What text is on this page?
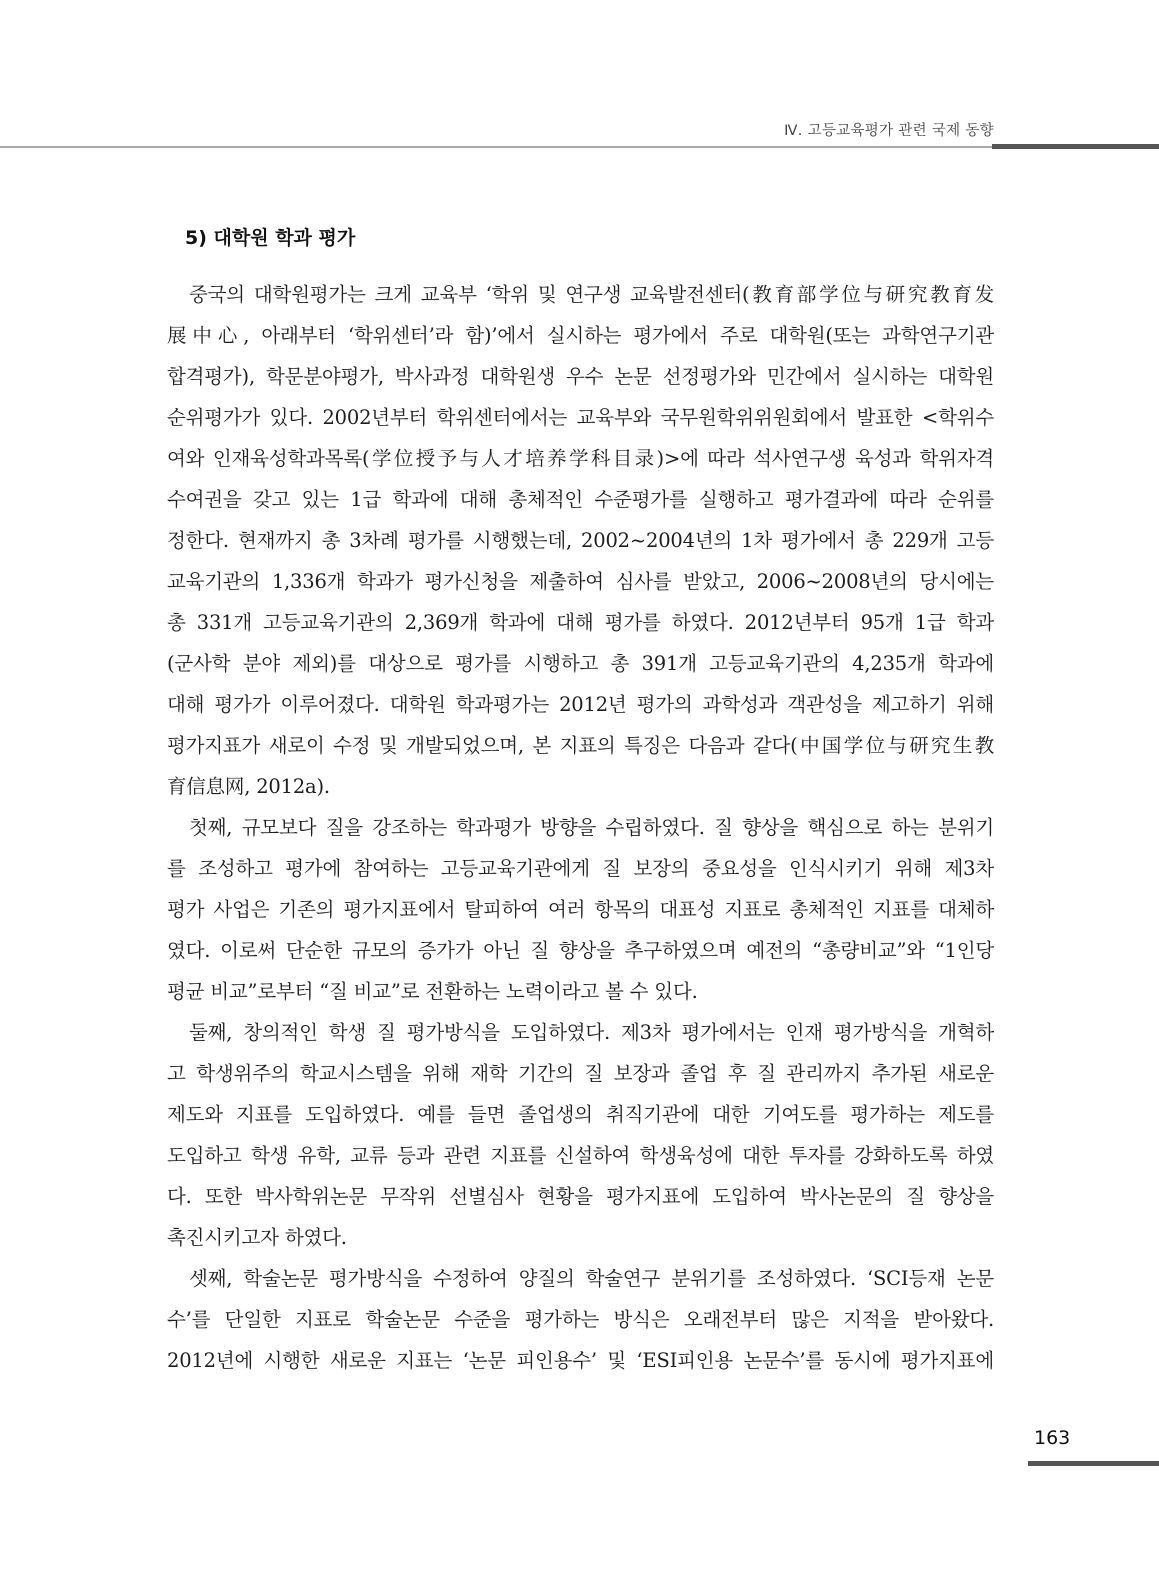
Ⅳ. 고등교육평가 관련 국제 동향
5) 대학원 학과 평가
중국의 대학원평가는 크게 교육부 ‘학위 및 연구생 교육발전센터(教育部学位与研究教育发
展中心, 아래부터 ‘학위센터’라 함)’에서 실시하는 평가에서 주로 대학원(또는 과학연구기관
합격평가), 학문분야평가, 박사과정 대학원생 우수 논문 선정평가와 민간에서 실시하는 대학원
순위평가가 있다. 2002년부터 학위센터에서는 교육부와 국무원학위위원회에서 발표한 <학위수
여와 인재육성학과목록(学位授予与人才培养学科目录)>에 따라 석사연구생 육성과 학위자격
수여권을 갖고 있는 1급 학과에 대해 총체적인 수준평가를 실행하고 평가결과에 따라 순위를
정한다. 현재까지 총 3차례 평가를 시행했는데, 2002~2004년의 1차 평가에서 총 229개 고등
교육기관의 1,336개 학과가 평가신청을 제출하여 심사를 받았고, 2006~2008년의 당시에는
총 331개 고등교육기관의 2,369개 학과에 대해 평가를 하였다. 2012년부터 95개 1급 학과
(군사학 분야 제외)를 대상으로 평가를 시행하고 총 391개 고등교육기관의 4,235개 학과에
대해 평가가 이루어졌다. 대학원 학과평가는 2012년 평가의 과학성과 객관성을 제고하기 위해
평가지표가 새로이 수정 및 개발되었으며, 본 지표의 특징은 다음과 같다(中国学位与研究生教
育信息网, 2012a).
첫째, 규모보다 질을 강조하는 학과평가 방향을 수립하였다. 질 향상을 핵심으로 하는 분위기
를 조성하고 평가에 참여하는 고등교육기관에게 질 보장의 중요성을 인식시키기 위해 제3차
평가 사업은 기존의 평가지표에서 탈피하여 여러 항목의 대표성 지표로 총체적인 지표를 대체하
였다. 이로써 단순한 규모의 증가가 아닌 질 향상을 추구하였으며 예전의 “총량비교”와 “1인당
평균 비교”로부터 “질 비교”로 전환하는 노력이라고 볼 수 있다.
둘째, 창의적인 학생 질 평가방식을 도입하였다. 제3차 평가에서는 인재 평가방식을 개혁하
고 학생위주의 학교시스템을 위해 재학 기간의 질 보장과 졸업 후 질 관리까지 추가된 새로운
제도와 지표를 도입하였다. 예를 들면 졸업생의 취직기관에 대한 기여도를 평가하는 제도를
도입하고 학생 유학, 교류 등과 관련 지표를 신설하여 학생육성에 대한 투자를 강화하도록 하였
다. 또한 박사학위논문 무작위 선별심사 현황을 평가지표에 도입하여 박사논문의 질 향상을
촉진시키고자 하였다.
셋째, 학술논문 평가방식을 수정하여 양질의 학술연구 분위기를 조성하였다. ‘SCI등재 논문
수’를 단일한 지표로 학술논문 수준을 평가하는 방식은 오래전부터 많은 지적을 받아왔다.
2012년에 시행한 새로운 지표는 ‘논문 피인용수’ 및 ‘ESI피인용 논문수’를 동시에 평가지표에
163
